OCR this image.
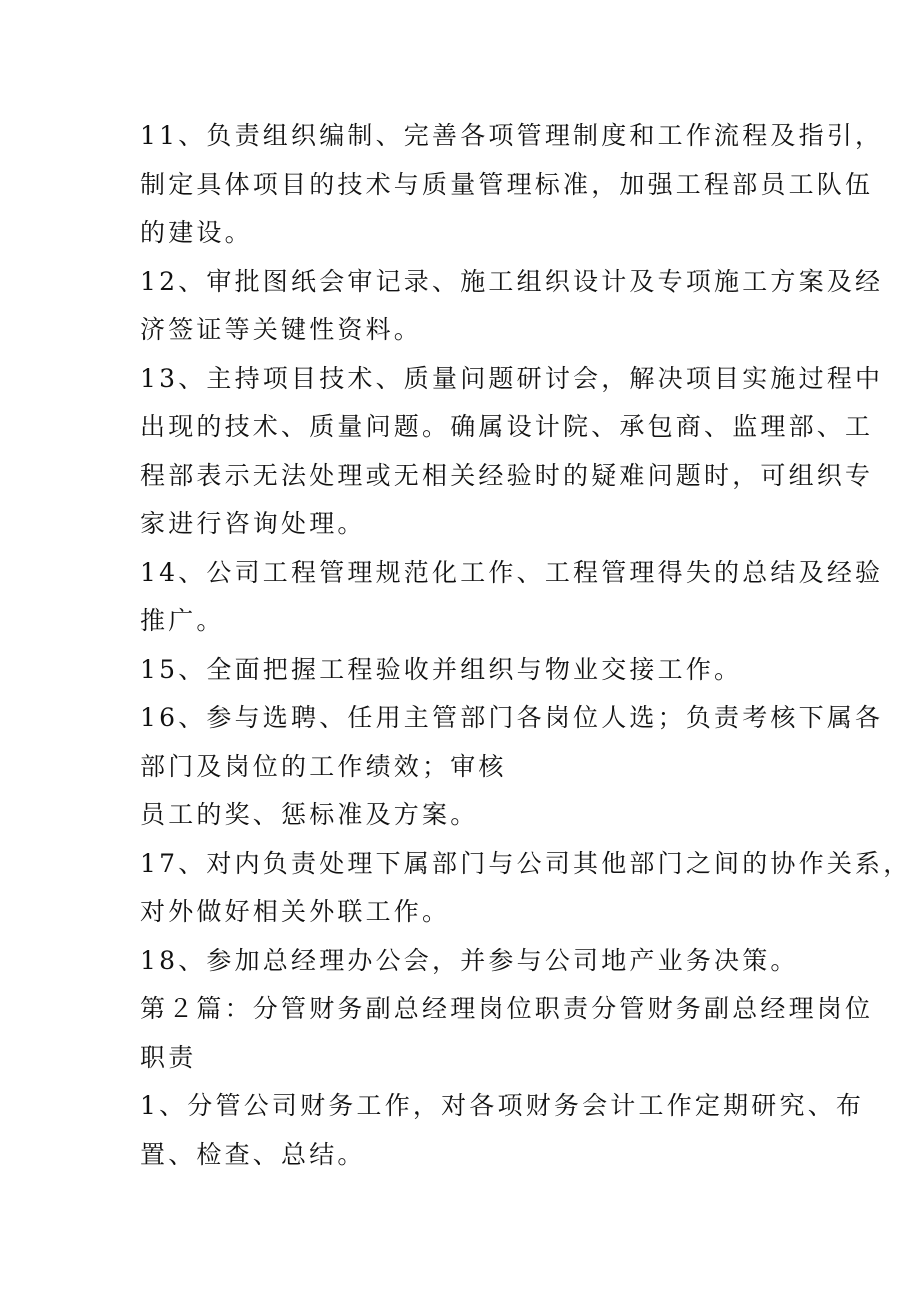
11、负责组织编制、完善各项管理制度和工作流程及指引，
制定具体项目的技术与质量管理标准，加强工程部员工队伍
的建设。
12、审批图纸会审记录、施工组织设计及专项施工方案及经
济签证等关键性资料。
13、主持项目技术、质量问题研讨会，解决项目实施过程中
出现的技术、质量问题。确属设计院、承包商、监理部、工
程部表示无法处理或无相关经验时的疑难问题时，可组织专
家进行咨询处理。
14、公司工程管理规范化工作、工程管理得失的总结及经验
推广。
15、全面把握工程验收并组织与物业交接工作。
16、参与选聘、任用主管部门各岗位人选；负责考核下属各
部门及岗位的工作绩效；审核
员工的奖、惩标准及方案。
17、对内负责处理下属部门与公司其他部门之间的协作关系，
对外做好相关外联工作。
18、参加总经理办公会，并参与公司地产业务决策。
第２篇：分管财务副总经理岗位职责分管财务副总经理岗位
职责
1、分管公司财务工作，对各项财务会计工作定期研究、布
置、检查、总结。
